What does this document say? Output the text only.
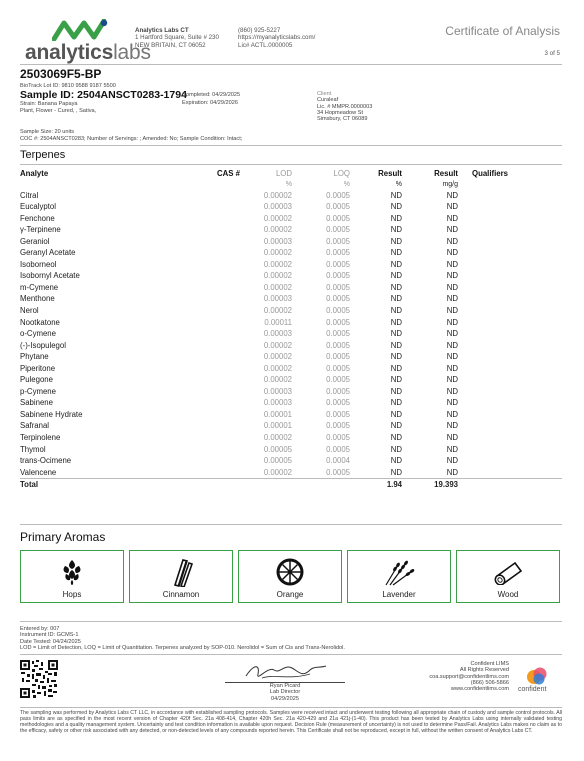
analyticslabs
Analytics Labs CT
1 Hartford Square, Suite # 230
NEW BRITAIN, CT 06052
(860) 925-5227
https://myanalyticslabs.com/
Lic# ACTL.0000005
Certificate of Analysis
3 of 5
2503069F5-BP
BioTrack Lot ID: 9810 9588 9187 5500
Sample ID: 2504ANSCT0283-1794
Strain: Banana Papaya
Plant, Flower - Cured, , Sativa,
Completed: 04/29/2025
Expiration: 04/29/2026
Client
Curaleaf
Lic. # MMPR.0000003
34 Hopmeadow St
Simsbury, CT 06089
Sample Size: 20 units
COC #: 2504ANSCT0283; Number of Servings: ; Amended: No; Sample Condition: Intact;
Terpenes
Analyte	CAS #	LOD	LOQ	Result	Result	Qualifiers
		%	%	%	mg/g	
Citral		0.00002	0.0005	ND	ND	
Eucalyptol		0.00003	0.0005	ND	ND	
Fenchone		0.00002	0.0005	ND	ND	
γ-Terpinene		0.00002	0.0005	ND	ND	
Geraniol		0.00003	0.0005	ND	ND	
Geranyl Acetate		0.00002	0.0005	ND	ND	
Isoborneol		0.00002	0.0005	ND	ND	
Isobornyl Acetate		0.00002	0.0005	ND	ND	
m-Cymene		0.00002	0.0005	ND	ND	
Menthone		0.00003	0.0005	ND	ND	
Nerol		0.00002	0.0005	ND	ND	
Nootkatone		0.00011	0.0005	ND	ND	
o-Cymene		0.00003	0.0005	ND	ND	
(-)-Isopulegol		0.00002	0.0005	ND	ND	
Phytane		0.00002	0.0005	ND	ND	
Piperitone		0.00002	0.0005	ND	ND	
Pulegone		0.00002	0.0005	ND	ND	
p-Cymene		0.00003	0.0005	ND	ND	
Sabinene		0.00003	0.0005	ND	ND	
Sabinene Hydrate		0.00001	0.0005	ND	ND	
Safranal		0.00001	0.0005	ND	ND	
Terpinolene		0.00002	0.0005	ND	ND	
Thymol		0.00005	0.0005	ND	ND	
trans-Ocimene		0.00005	0.0004	ND	ND	
Valencene		0.00002	0.0005	ND	ND	
Total				1.94	19.393	
Primary Aromas
Hops	Cinnamon	Orange	Lavender	Wood
Entered by: 007
Instrument ID: GCMS-1
Date Tested: 04/24/2025
LOD = Limit of Detection, LOQ = Limit of Quantitation. Terpenes analyzed by SOP-010. Nerolidol = Sum of Cis and Trans-Nerolidol.
Ryan Picard
Lab Director
04/29/2025
Confident LIMS
All Rights Reserved
coa.support@confidentlims.com
(866) 506-5866
www.confidentlims.com confident
The sampling was performed by Analytics Labs CT LLC, in accordance with established sampling protocols. Samples were received intact and underwent testing following all appropriate chain of custody and sample control protocols. All pass limits are as specified in the most recent version of Chapter 420f Sec. 21a 408-414, Chapter 420h Sec. 21a 420-429 and 21a 421j-(1-40). This product has been tested by Analytics Labs using internally validated testing methodologies and a quality management system. Uncertainty and test condition information is available upon request. Decision Rule (measurement of uncertainty) is not used to determine Pass/Fail. Analytics Labs makes no claim as to the efficacy, safety or other risk associated with any detected, or non-detected levels of any compounds reported herein. This Certificate shall not be reproduced, except in full, without the written consent of Analytics Labs CT.
